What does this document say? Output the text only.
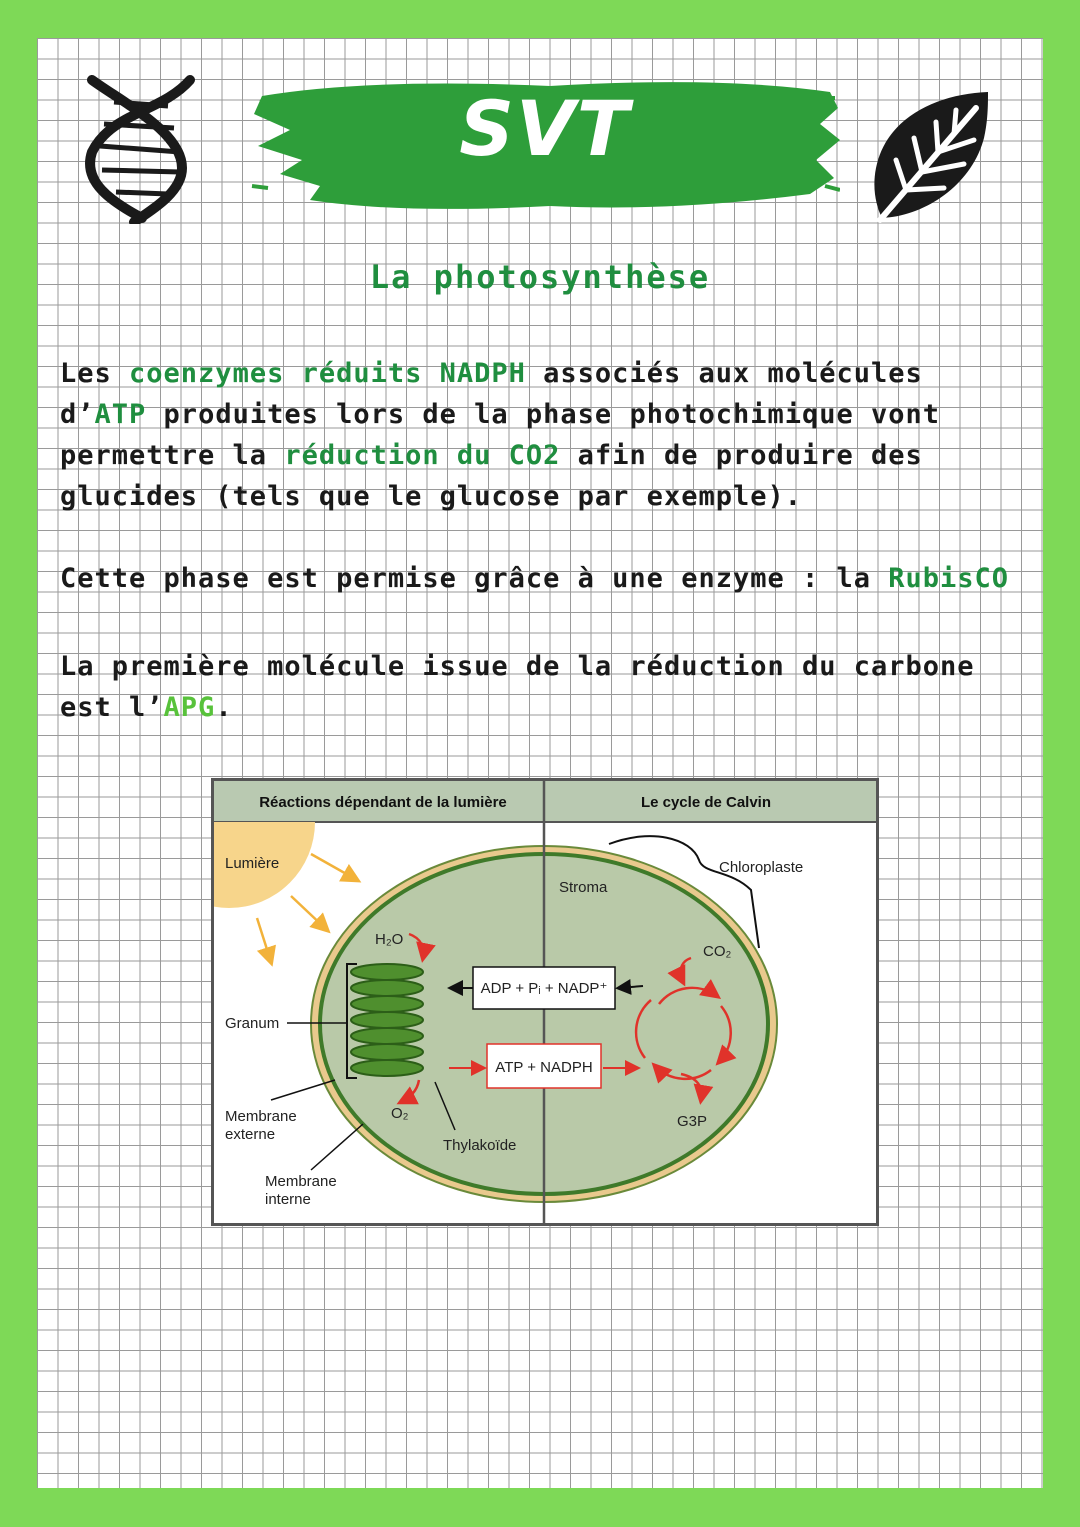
SVT
La photosynthèse
Les coenzymes réduits NADPH associés aux molécules d’ATP produites lors de la phase photochimique vont permettre la réduction du CO2 afin de produire des glucides (tels que le glucose par exemple).
Cette phase est permise grâce à une enzyme : la RubisCO
La première molécule issue de la réduction du carbone est l’APG.
Réactions dépendant de la lumière	Le cycle de Calvin
ADP + Pᵢ + NADP⁺
ATP + NADPH
Lumière
Stroma
Chloroplaste
H₂O
CO₂
Granum
Membrane
externe
O₂	G3P
Thylakoïde
Membrane
interne
